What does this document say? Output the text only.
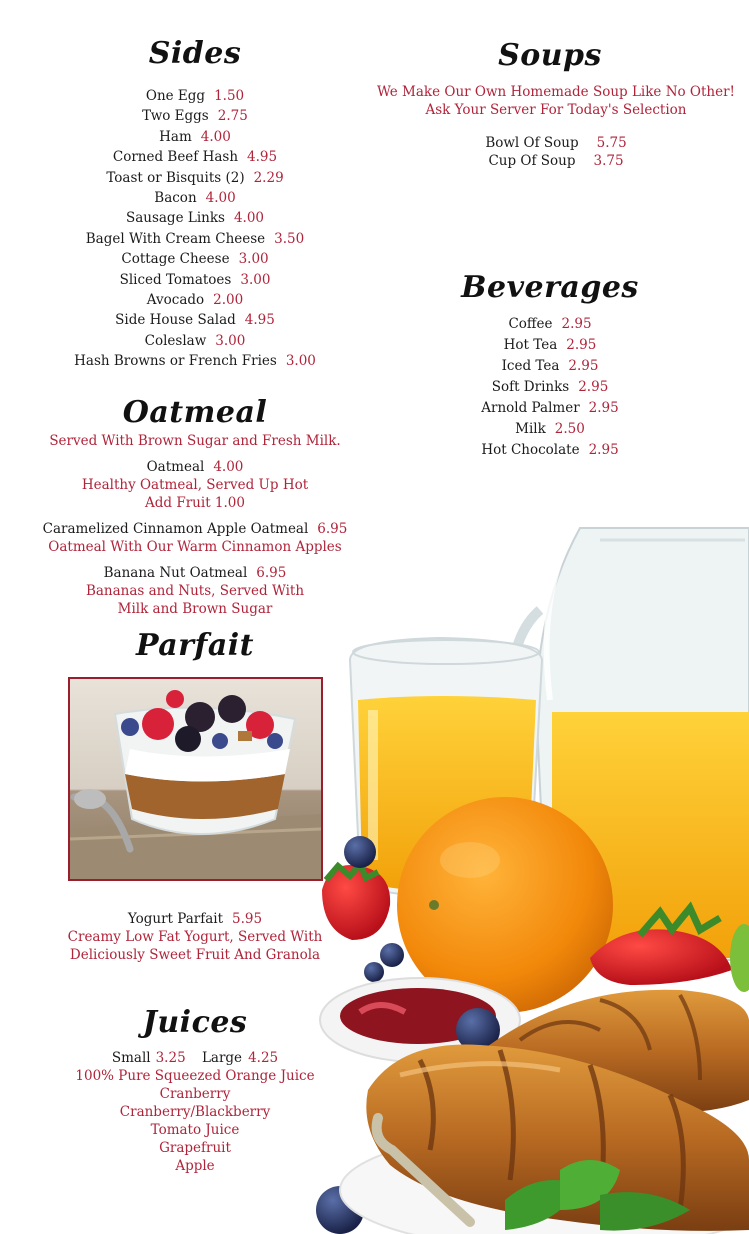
Sides
One Egg 1.50
Two Eggs 2.75
Ham 4.00
Corned Beef Hash 4.95
Toast or Bisquits (2) 2.29
Bacon 4.00
Sausage Links 4.00
Bagel With Cream Cheese 3.50
Cottage Cheese 3.00
Sliced Tomatoes 3.00
Avocado 2.00
Side House Salad 4.95
Coleslaw 3.00
Hash Browns or French Fries 3.00
Oatmeal
Served With Brown Sugar and Fresh Milk.
Oatmeal 4.00
Healthy Oatmeal, Served Up Hot
Add Fruit 1.00
Caramelized Cinnamon Apple Oatmeal 6.95
Oatmeal With Our Warm Cinnamon Apples
Banana Nut Oatmeal 6.95
Bananas and Nuts, Served With
Milk and Brown Sugar
Parfait
Yogurt Parfait 5.95
Creamy Low Fat Yogurt, Served With
Deliciously Sweet Fruit And Granola
Juices
Small 3.25 Large 4.25
100% Pure Squeezed Orange Juice
Cranberry
Cranberry/Blackberry
Tomato Juice
Grapefruit
Apple
Soups
We Make Our Own Homemade Soup Like No Other!
Ask Your Server For Today's Selection
Bowl Of Soup 5.75
Cup Of Soup 3.75
Beverages
Coffee 2.95
Hot Tea 2.95
Iced Tea 2.95
Soft Drinks 2.95
Arnold Palmer 2.95
Milk 2.50
Hot Chocolate 2.95
